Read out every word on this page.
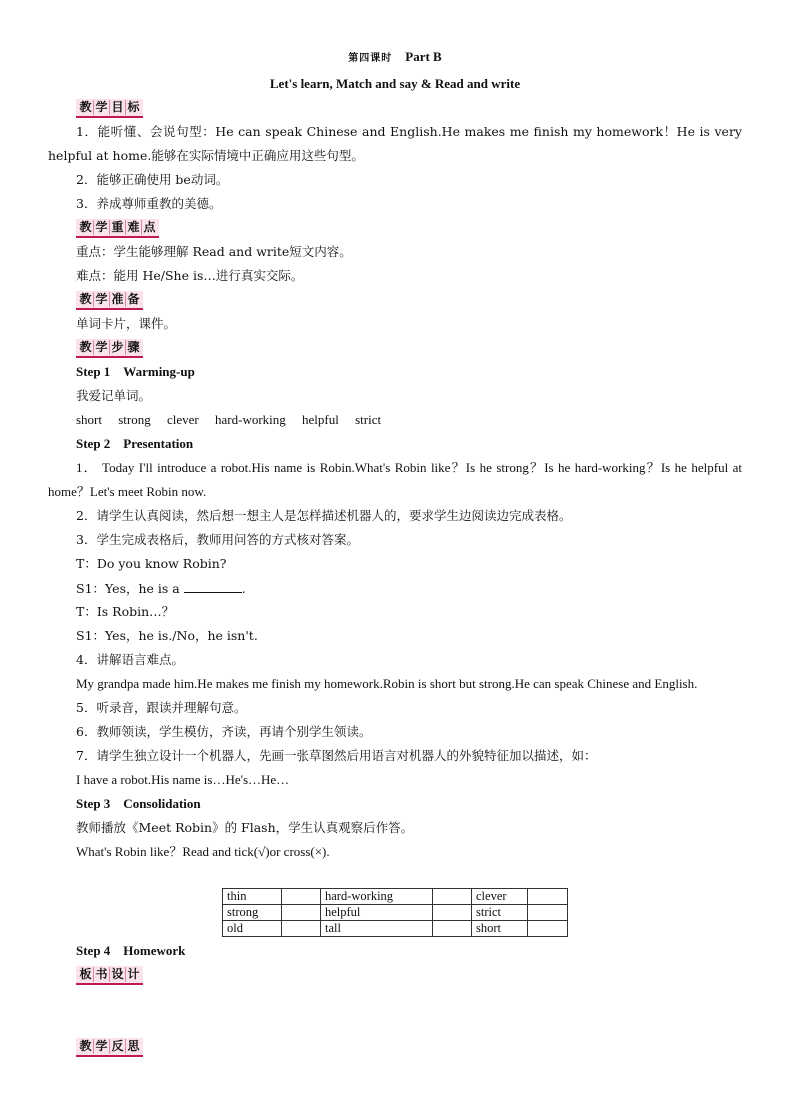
第四课时 Part B
Let's learn, Match and say & Read and write
教 学 目 标
1．能听懂、会说句型：He can speak Chinese and English.He makes me finish my homework！He is very helpful at home.能够在实际情境中正确应用这些句型。
2．能够正确使用 be动词。
3．养成尊师重教的美德。
教 学 重 难 点
重点：学生能够理解 Read and write短文内容。
难点：能用 He/She is…进行真实交际。
教 学 准 备
单词卡片，课件。
教 学 步 骤
Step 1　Warming-up
我爱记单词。
short strong clever hard-working helpful strict
Step 2　Presentation
1． Today I'll introduce a robot.His name is Robin.What's Robin like？Is he strong？Is he hard-working？Is he helpful at home？Let's meet Robin now.
2．请学生认真阅读，然后想一想主人是怎样描述机器人的，要求学生边阅读边完成表格。
3．学生完成表格后，教师用问答的方式核对答案。
T：Do you know Robin?
S1：Yes，he is a	.
T：Is Robin…？
S1：Yes，he is./No，he isn't.
4．讲解语言难点。
My grandpa made him.He makes me finish my homework.Robin is short but strong.He can speak Chinese and English.
5．听录音，跟读并理解句意。
6．教师领读，学生模仿，齐读，再请个别学生领读。
7．请学生独立设计一个机器人，先画一张草图然后用语言对机器人的外貌特征加以描述，如：
I have a robot.His name is…He's…He…
Step 3　Consolidation
教师播放《Meet Robin》的 Flash，学生认真观察后作答。
What's Robin like？Read and tick(√)or cross(×).
thin		hard-working		clever	
strong		helpful		strict	
old		tall		short	
Step 4　Homework
板 书 设 计
教 学 反 思
